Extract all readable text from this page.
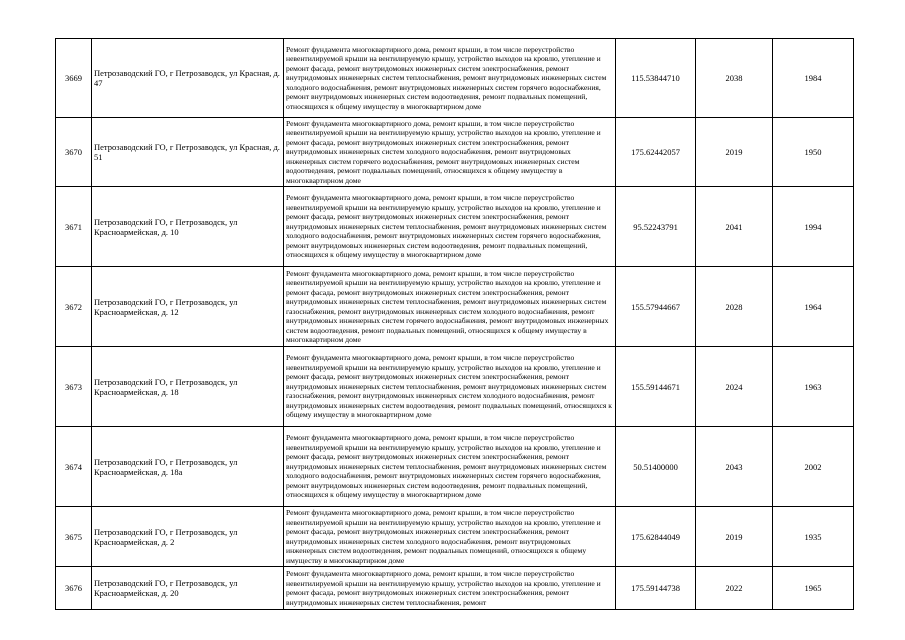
3669	Петрозаводский ГО, г Петрозаводск, ул Красная, д. 47	Ремонт фундамента многоквартирного дома, ремонт крыши, в том числе переустройство невентилируемой крыши на вентилируемую крышу, устройство выходов на кровлю, утепление и ремонт фасада, ремонт внутридомовых инженерных систем электроснабжения, ремонт внутридомовых инженерных систем теплоснабжения, ремонт внутридомовых инженерных систем холодного водоснабжения, ремонт внутридомовых инженерных систем горячего водоснабжения, ремонт внутридомовых инженерных систем водоотведения, ремонт подвальных помещений, относящихся к общему имуществу в многоквартирном доме	115.53844710	2038	1984
3670	Петрозаводский ГО, г Петрозаводск, ул Красная, д. 51	Ремонт фундамента многоквартирного дома, ремонт крыши, в том числе переустройство невентилируемой крыши на вентилируемую крышу, устройство выходов на кровлю, утепление и ремонт фасада, ремонт внутридомовых инженерных систем электроснабжения, ремонт внутридомовых инженерных систем холодного водоснабжения, ремонт внутридомовых инженерных систем горячего водоснабжения, ремонт внутридомовых инженерных систем водоотведения, ремонт подвальных помещений, относящихся к общему имуществу в многоквартирном доме	175.62442057	2019	1950
3671	Петрозаводский ГО, г Петрозаводск, ул Красноармейская, д. 10	Ремонт фундамента многоквартирного дома, ремонт крыши, в том числе переустройство невентилируемой крыши на вентилируемую крышу, устройство выходов на кровлю, утепление и ремонт фасада, ремонт внутридомовых инженерных систем электроснабжения, ремонт внутридомовых инженерных систем теплоснабжения, ремонт внутридомовых инженерных систем холодного водоснабжения, ремонт внутридомовых инженерных систем горячего водоснабжения, ремонт внутридомовых инженерных систем водоотведения, ремонт подвальных помещений, относящихся к общему имуществу в многоквартирном доме	95.52243791	2041	1994
3672	Петрозаводский ГО, г Петрозаводск, ул Красноармейская, д. 12	Ремонт фундамента многоквартирного дома, ремонт крыши, в том числе переустройство невентилируемой крыши на вентилируемую крышу, устройство выходов на кровлю, утепление и ремонт фасада, ремонт внутридомовых инженерных систем электроснабжения, ремонт внутридомовых инженерных систем теплоснабжения, ремонт внутридомовых инженерных систем газоснабжения, ремонт внутридомовых инженерных систем холодного водоснабжения, ремонт внутридомовых инженерных систем горячего водоснабжения, ремонт внутридомовых инженерных систем водоотведения, ремонт подвальных помещений, относящихся к общему имуществу в многоквартирном доме	155.57944667	2028	1964
3673	Петрозаводский ГО, г Петрозаводск, ул Красноармейская, д. 18	Ремонт фундамента многоквартирного дома, ремонт крыши, в том числе переустройство невентилируемой крыши на вентилируемую крышу, устройство выходов на кровлю, утепление и ремонт фасада, ремонт внутридомовых инженерных систем электроснабжения, ремонт внутридомовых инженерных систем теплоснабжения, ремонт внутридомовых инженерных систем газоснабжения, ремонт внутридомовых инженерных систем холодного водоснабжения, ремонт внутридомовых инженерных систем водоотведения, ремонт подвальных помещений, относящихся к общему имуществу в многоквартирном доме	155.59144671	2024	1963
3674	Петрозаводский ГО, г Петрозаводск, ул Красноармейская, д. 18а	Ремонт фундамента многоквартирного дома, ремонт крыши, в том числе переустройство невентилируемой крыши на вентилируемую крышу, устройство выходов на кровлю, утепление и ремонт фасада, ремонт внутридомовых инженерных систем электроснабжения, ремонт внутридомовых инженерных систем теплоснабжения, ремонт внутридомовых инженерных систем холодного водоснабжения, ремонт внутридомовых инженерных систем горячего водоснабжения, ремонт внутридомовых инженерных систем водоотведения, ремонт подвальных помещений, относящихся к общему имуществу в многоквартирном доме	50.51400000	2043	2002
3675	Петрозаводский ГО, г Петрозаводск, ул Красноармейская, д. 2	Ремонт фундамента многоквартирного дома, ремонт крыши, в том числе переустройство невентилируемой крыши на вентилируемую крышу, устройство выходов на кровлю, утепление и ремонт фасада, ремонт внутридомовых инженерных систем электроснабжения, ремонт внутридомовых инженерных систем холодного водоснабжения, ремонт внутридомовых инженерных систем водоотведения, ремонт подвальных помещений, относящихся к общему имуществу в многоквартирном доме	175.62844049	2019	1935
3676	Петрозаводский ГО, г Петрозаводск, ул Красноармейская, д. 20	Ремонт фундамента многоквартирного дома, ремонт крыши, в том числе переустройство невентилируемой крыши на вентилируемую крышу, устройство выходов на кровлю, утепление и ремонт фасада, ремонт внутридомовых инженерных систем электроснабжения, ремонт внутридомовых инженерных систем теплоснабжения, ремонт	175.59144738	2022	1965
